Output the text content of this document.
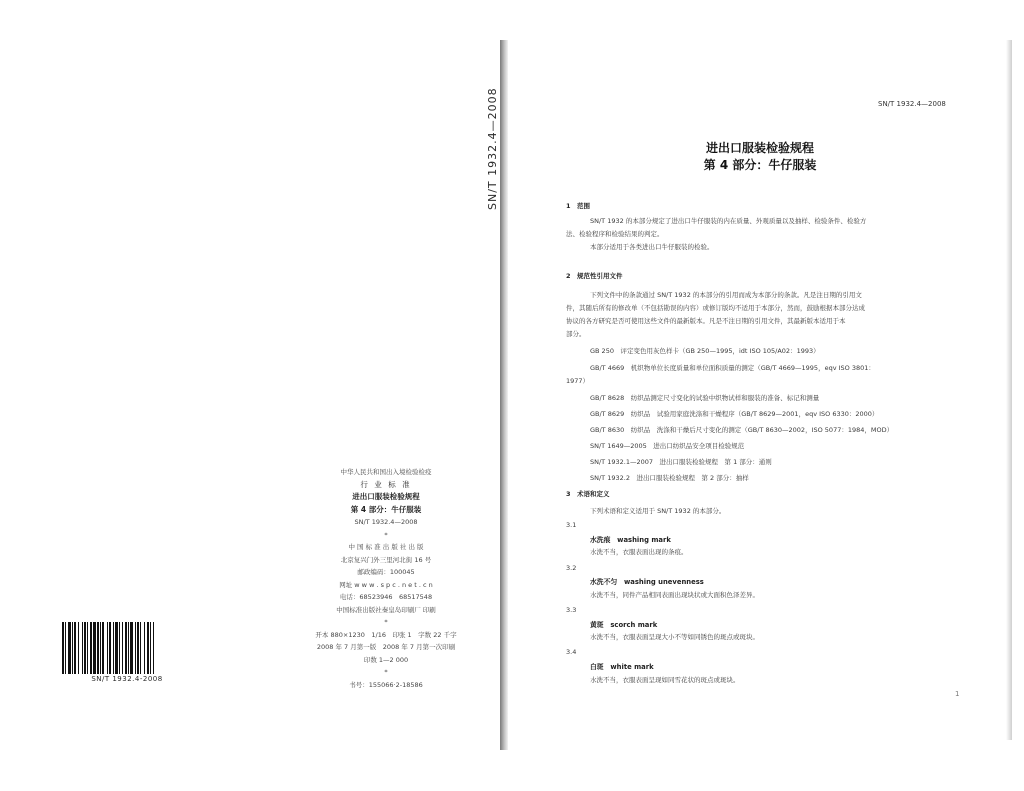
SN/T 1932.4—2008
中华人民共和国出入境检验检疫
行 业 标 准
进出口服装检验规程
第 4 部分：牛仔服装
SN/T 1932.4—2008
*
中 国 标 准 出 版 社 出 版
北京复兴门外三里河北街 16 号
邮政编码：100045
网址 w w w . s p c . n e t . c n
电话：68523946　68517548
中国标准出版社秦皇岛印刷厂 印刷
*
开本 880×1230　1/16　印张 1　字数 22 千字
2008 年 7 月第一版　2008 年 7 月第一次印刷
印数 1—2 000
*
书号：155066·2-18586
SN/T 1932.4-2008
SN/T 1932.4—2008
进出口服装检验规程
第 4 部分：牛仔服装
1　范围
SN/T 1932 的本部分规定了进出口牛仔服装的内在质量、外观质量以及抽样、检验条件、检验方
法、检验程序和检验结果的判定。
本部分适用于各类进出口牛仔服装的检验。
2　规范性引用文件
下列文件中的条款通过 SN/T 1932 的本部分的引用而成为本部分的条款。凡是注日期的引用文
件，其随后所有的修改单（不包括勘误的内容）或修订版均不适用于本部分，然而，鼓励根据本部分达成
协议的各方研究是否可使用这些文件的最新版本。凡是不注日期的引用文件，其最新版本适用于本
部分。
GB 250　评定变色用灰色样卡（GB 250—1995，idt ISO 105/A02：1993）
GB/T 4669　机织物单位长度质量和单位面积质量的测定（GB/T 4669—1995，eqv ISO 3801：
1977）
GB/T 8628　纺织品测定尺寸变化的试验中织物试样和服装的准备、标记和测量
GB/T 8629　纺织品　试验用家庭洗涤和干燥程序（GB/T 8629—2001，eqv ISO 6330：2000）
GB/T 8630　纺织品　洗涤和干燥后尺寸变化的测定（GB/T 8630—2002，ISO 5077：1984，MOD）
SN/T 1649—2005　进出口纺织品安全项目检验规范
SN/T 1932.1—2007　进出口服装检验规程　第 1 部分：通则
SN/T 1932.2　进出口服装检验规程　第 2 部分：抽样
3　术语和定义
下列术语和定义适用于 SN/T 1932 的本部分。
3.1
水洗痕　washing mark
水洗不当，衣服表面出现的条痕。
3.2
水洗不匀　washing unevenness
水洗不当，同件产品相同表面出现块状或大面积色泽差异。
3.3
黄斑　scorch mark
水洗不当，衣服表面呈现大小不等如同锈色的斑点或斑块。
3.4
白斑　white mark
水洗不当，衣服表面呈现如同雪花状的斑点或斑块。
1
